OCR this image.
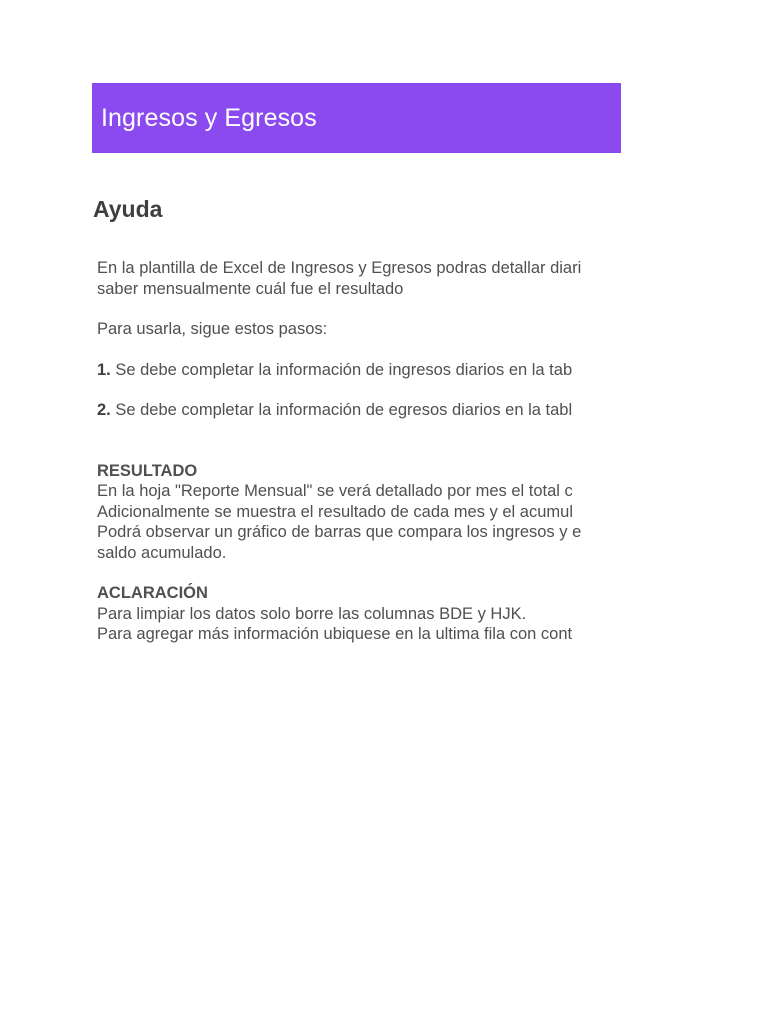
Ingresos y Egresos
Ayuda
En la plantilla de Excel de Ingresos y Egresos podras detallar diari
saber mensualmente cuál fue el resultado
Para usarla, sigue estos pasos:
1. Se debe completar la información de ingresos diarios en la tab
2. Se debe completar la información de egresos diarios en la tabl
RESULTADO
En la hoja "Reporte Mensual" se verá detallado por mes el total c
Adicionalmente se muestra el resultado de cada mes y el acumul
Podrá observar un gráfico de barras que compara los ingresos y e
saldo acumulado.
ACLARACIÓN
Para limpiar los datos solo borre las columnas BDE y HJK.
Para agregar más información ubiquese en la ultima fila con cont
